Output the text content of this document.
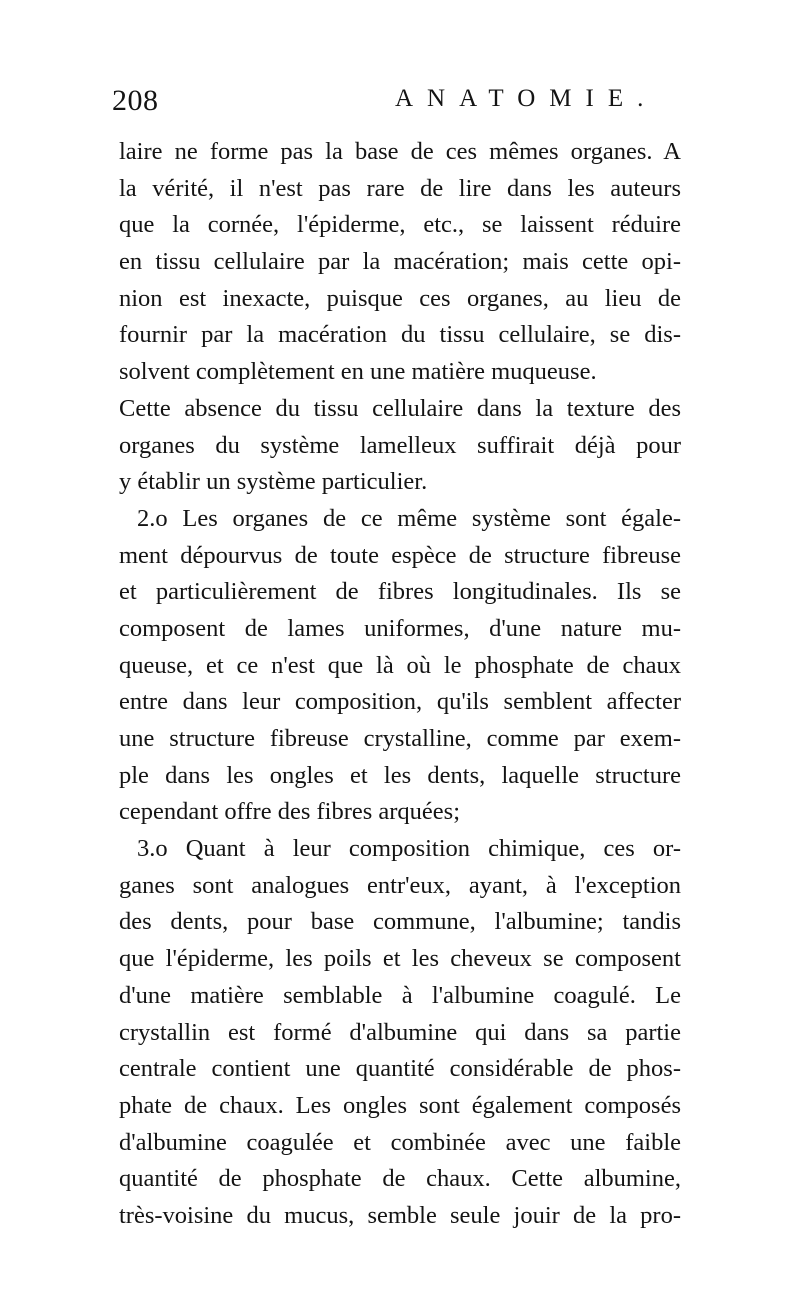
208	ANATOMIE.
laire ne forme pas la base de ces mêmes organes. A
la vérité, il n'est pas rare de lire dans les auteurs
que la cornée, l'épiderme, etc., se laissent réduire
en tissu cellulaire par la macération; mais cette opi-
nion est inexacte, puisque ces organes, au lieu de
fournir par la macération du tissu cellulaire, se dis-
solvent complètement en une matière muqueuse.
Cette absence du tissu cellulaire dans la texture des
organes du système lamelleux suffirait déjà pour
y établir un système particulier.
2.o Les organes de ce même système sont égale-
ment dépourvus de toute espèce de structure fibreuse
et particulièrement de fibres longitudinales. Ils se
composent de lames uniformes, d'une nature mu-
queuse, et ce n'est que là où le phosphate de chaux
entre dans leur composition, qu'ils semblent affecter
une structure fibreuse crystalline, comme par exem-
ple dans les ongles et les dents, laquelle structure
cependant offre des fibres arquées;
3.o Quant à leur composition chimique, ces or-
ganes sont analogues entr'eux, ayant, à l'exception
des dents, pour base commune, l'albumine; tandis
que l'épiderme, les poils et les cheveux se composent
d'une matière semblable à l'albumine coagulé. Le
crystallin est formé d'albumine qui dans sa partie
centrale contient une quantité considérable de phos-
phate de chaux. Les ongles sont également composés
d'albumine coagulée et combinée avec une faible
quantité de phosphate de chaux. Cette albumine,
très-voisine du mucus, semble seule jouir de la pro-
